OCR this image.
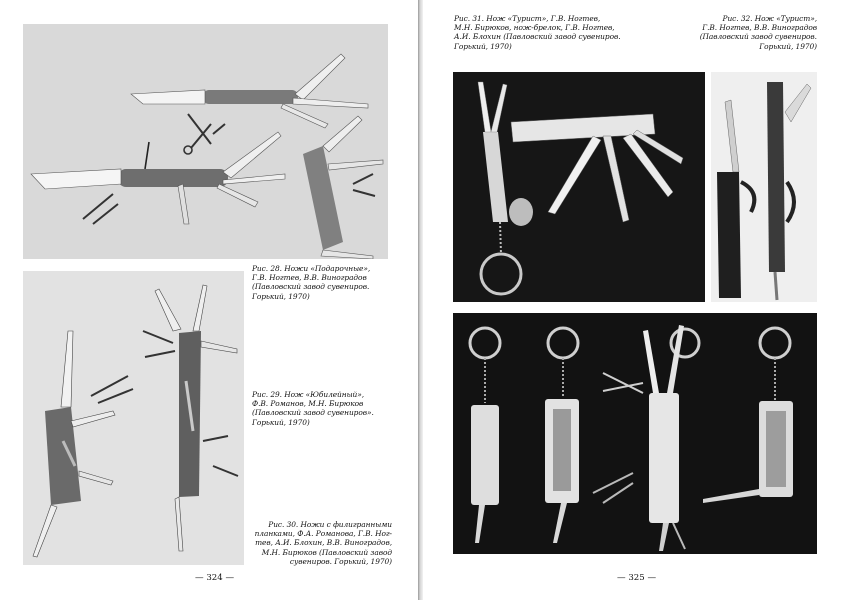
Рис. 28. Ножи «Подарочные»,
Г.В. Ногтев, В.В. Виноградов
(Павловский завод сувениров.
Горький, 1970)
Рис. 29. Нож «Юбилейный»,
Ф.В. Романов, М.Н. Бирюков
(Павловский завод сувениров».
Горький, 1970)
Рис. 30. Ножи с филигранными
планками, Ф.А. Романова, Г.В. Ног-
тев, А.И. Блохин, В.В. Виноградов,
М.Н. Бирюков (Павловский завод
сувениров. Горький, 1970)
— 324 —
Рис. 31. Нож «Турист», Г.В. Ногтев,
М.Н. Бирюков, нож-брелок, Г.В. Ногтев,
А.И. Блохин (Павловский завод сувениров.
Горький, 1970)
Рис. 32. Нож «Турист»,
Г.В. Ногтев, В.В. Виноградов
(Павловский завод сувениров.
Горький, 1970)
— 325 —
